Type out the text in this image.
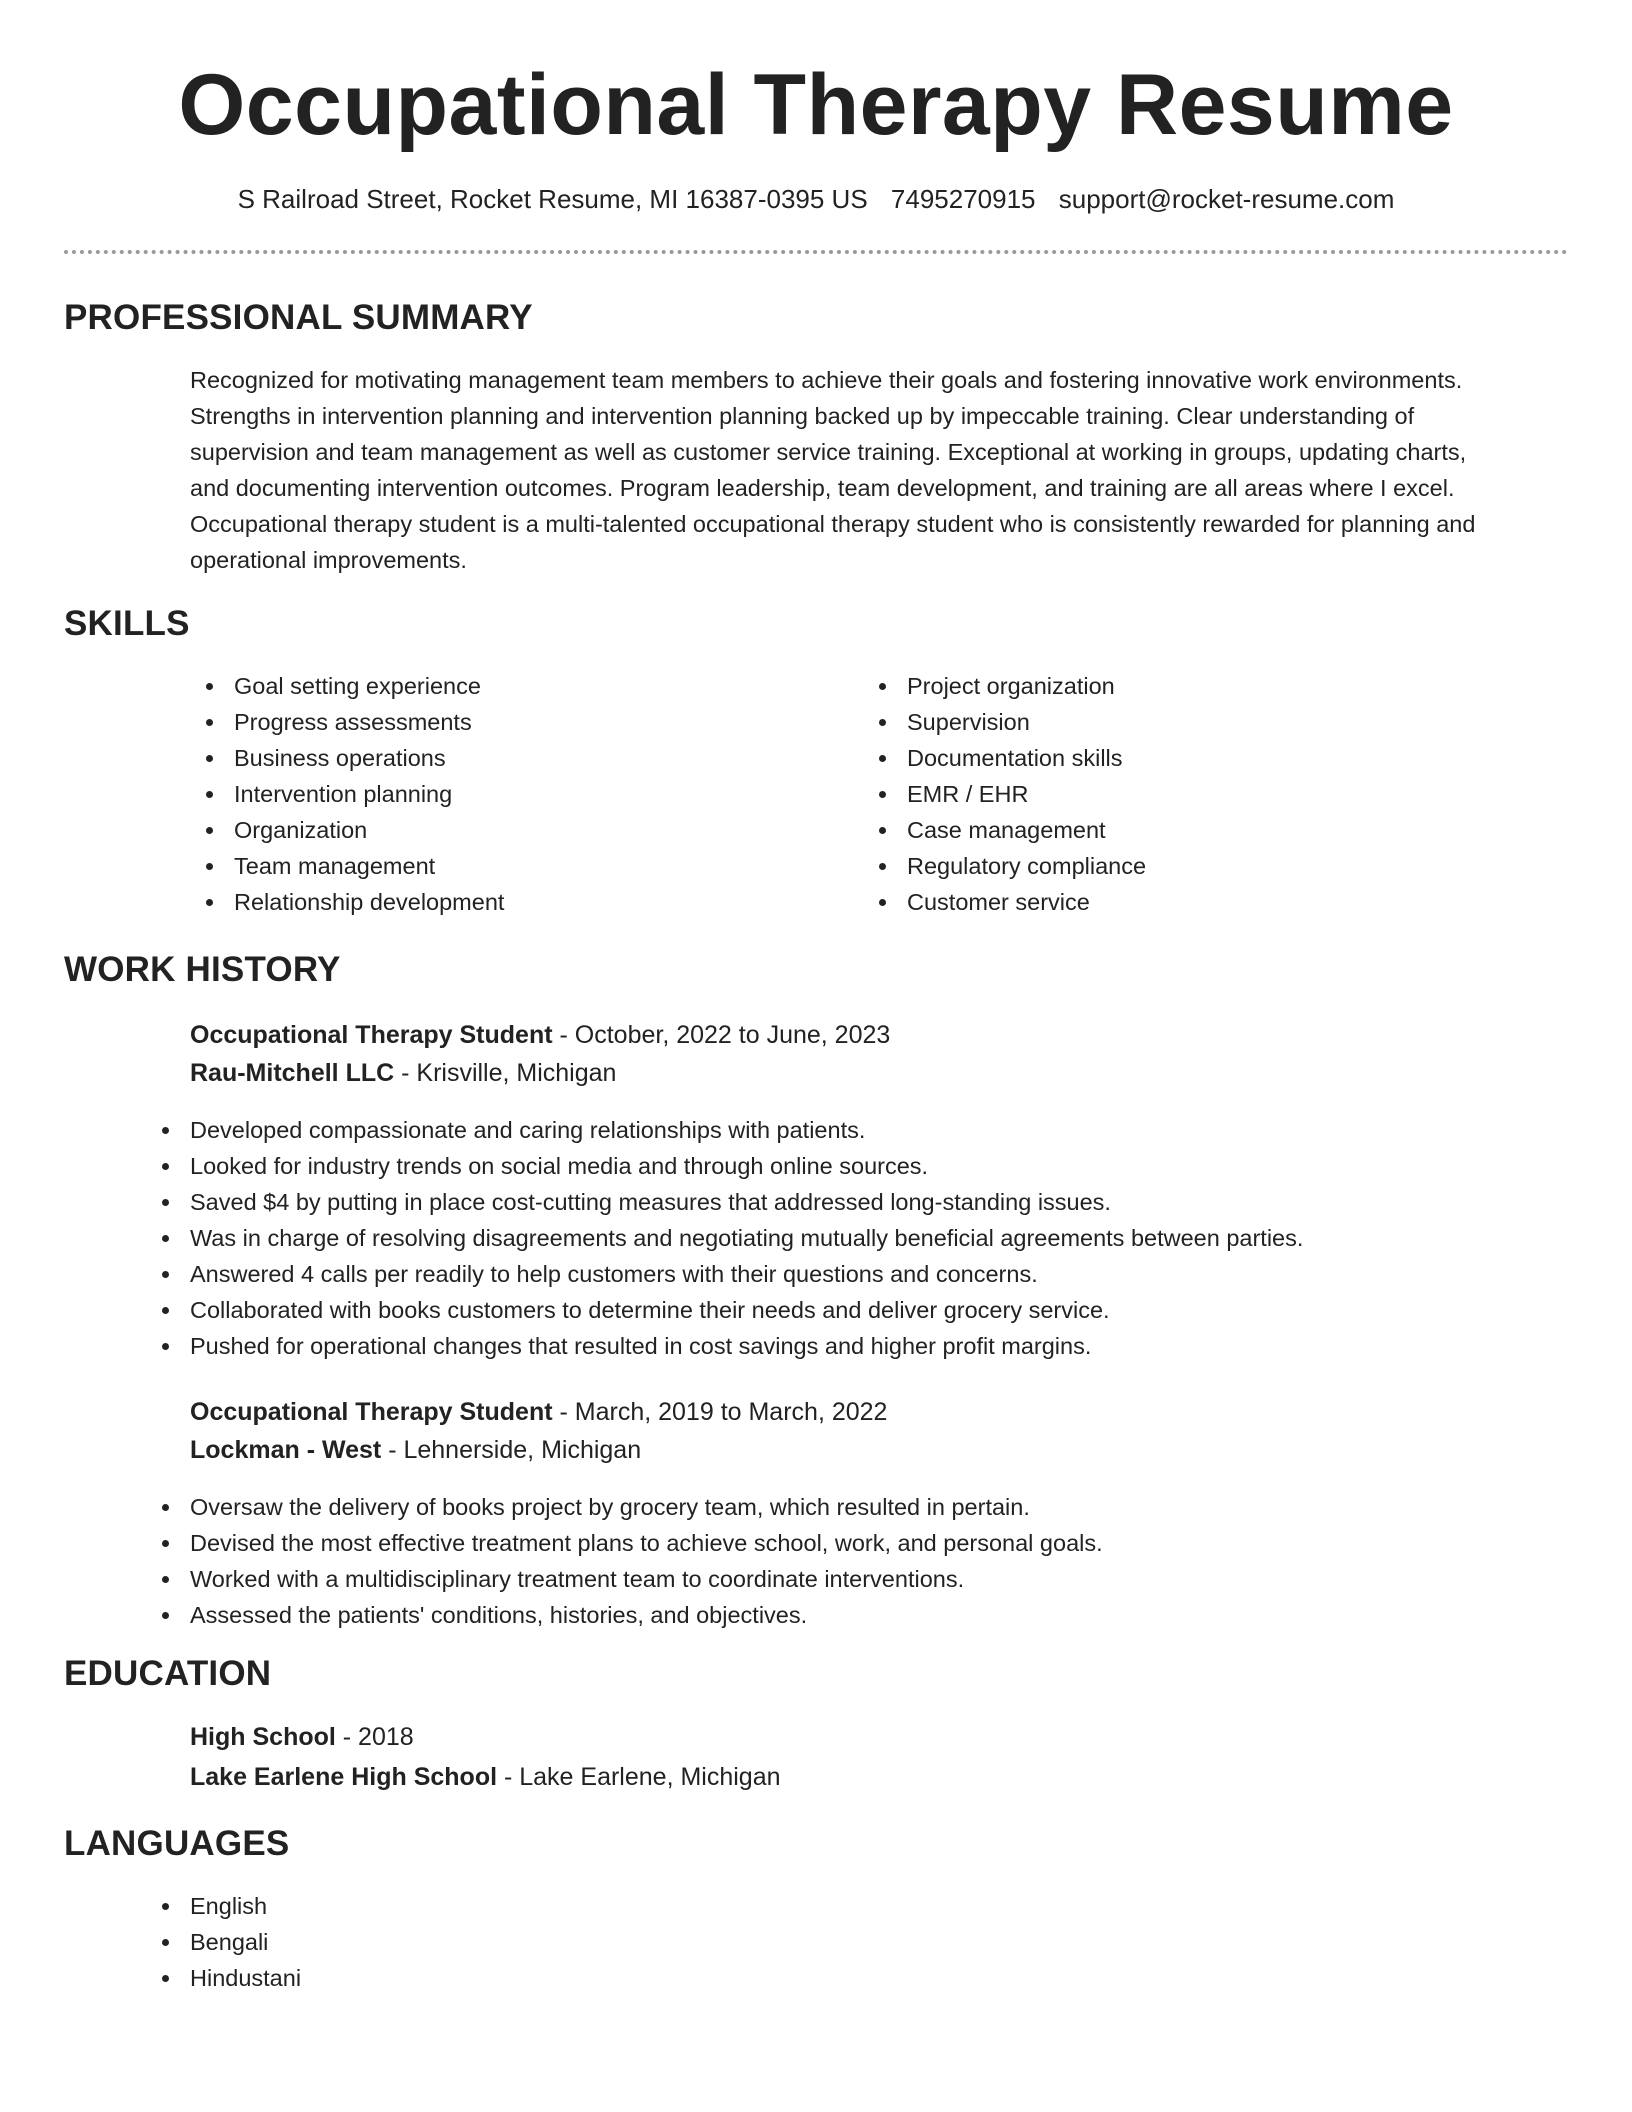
Occupational Therapy Resume
S Railroad Street, Rocket Resume, MI 16387-0395 US 7495270915 support@rocket-resume.com
PROFESSIONAL SUMMARY
Recognized for motivating management team members to achieve their goals and fostering innovative work environments.
Strengths in intervention planning and intervention planning backed up by impeccable training. Clear understanding of
supervision and team management as well as customer service training. Exceptional at working in groups, updating charts,
and documenting intervention outcomes. Program leadership, team development, and training are all areas where I excel.
Occupational therapy student is a multi-talented occupational therapy student who is consistently rewarded for planning and
operational improvements.
SKILLS
Goal setting experience
Progress assessments
Business operations
Intervention planning
Organization
Team management
Relationship development
Project organization
Supervision
Documentation skills
EMR / EHR
Case management
Regulatory compliance
Customer service
WORK HISTORY
Occupational Therapy Student - October, 2022 to June, 2023
Rau-Mitchell LLC - Krisville, Michigan
Developed compassionate and caring relationships with patients.
Looked for industry trends on social media and through online sources.
Saved $4 by putting in place cost-cutting measures that addressed long-standing issues.
Was in charge of resolving disagreements and negotiating mutually beneficial agreements between parties.
Answered 4 calls per readily to help customers with their questions and concerns.
Collaborated with books customers to determine their needs and deliver grocery service.
Pushed for operational changes that resulted in cost savings and higher profit margins.
Occupational Therapy Student - March, 2019 to March, 2022
Lockman - West - Lehnerside, Michigan
Oversaw the delivery of books project by grocery team, which resulted in pertain.
Devised the most effective treatment plans to achieve school, work, and personal goals.
Worked with a multidisciplinary treatment team to coordinate interventions.
Assessed the patients' conditions, histories, and objectives.
EDUCATION
High School - 2018
Lake Earlene High School - Lake Earlene, Michigan
LANGUAGES
English
Bengali
Hindustani
